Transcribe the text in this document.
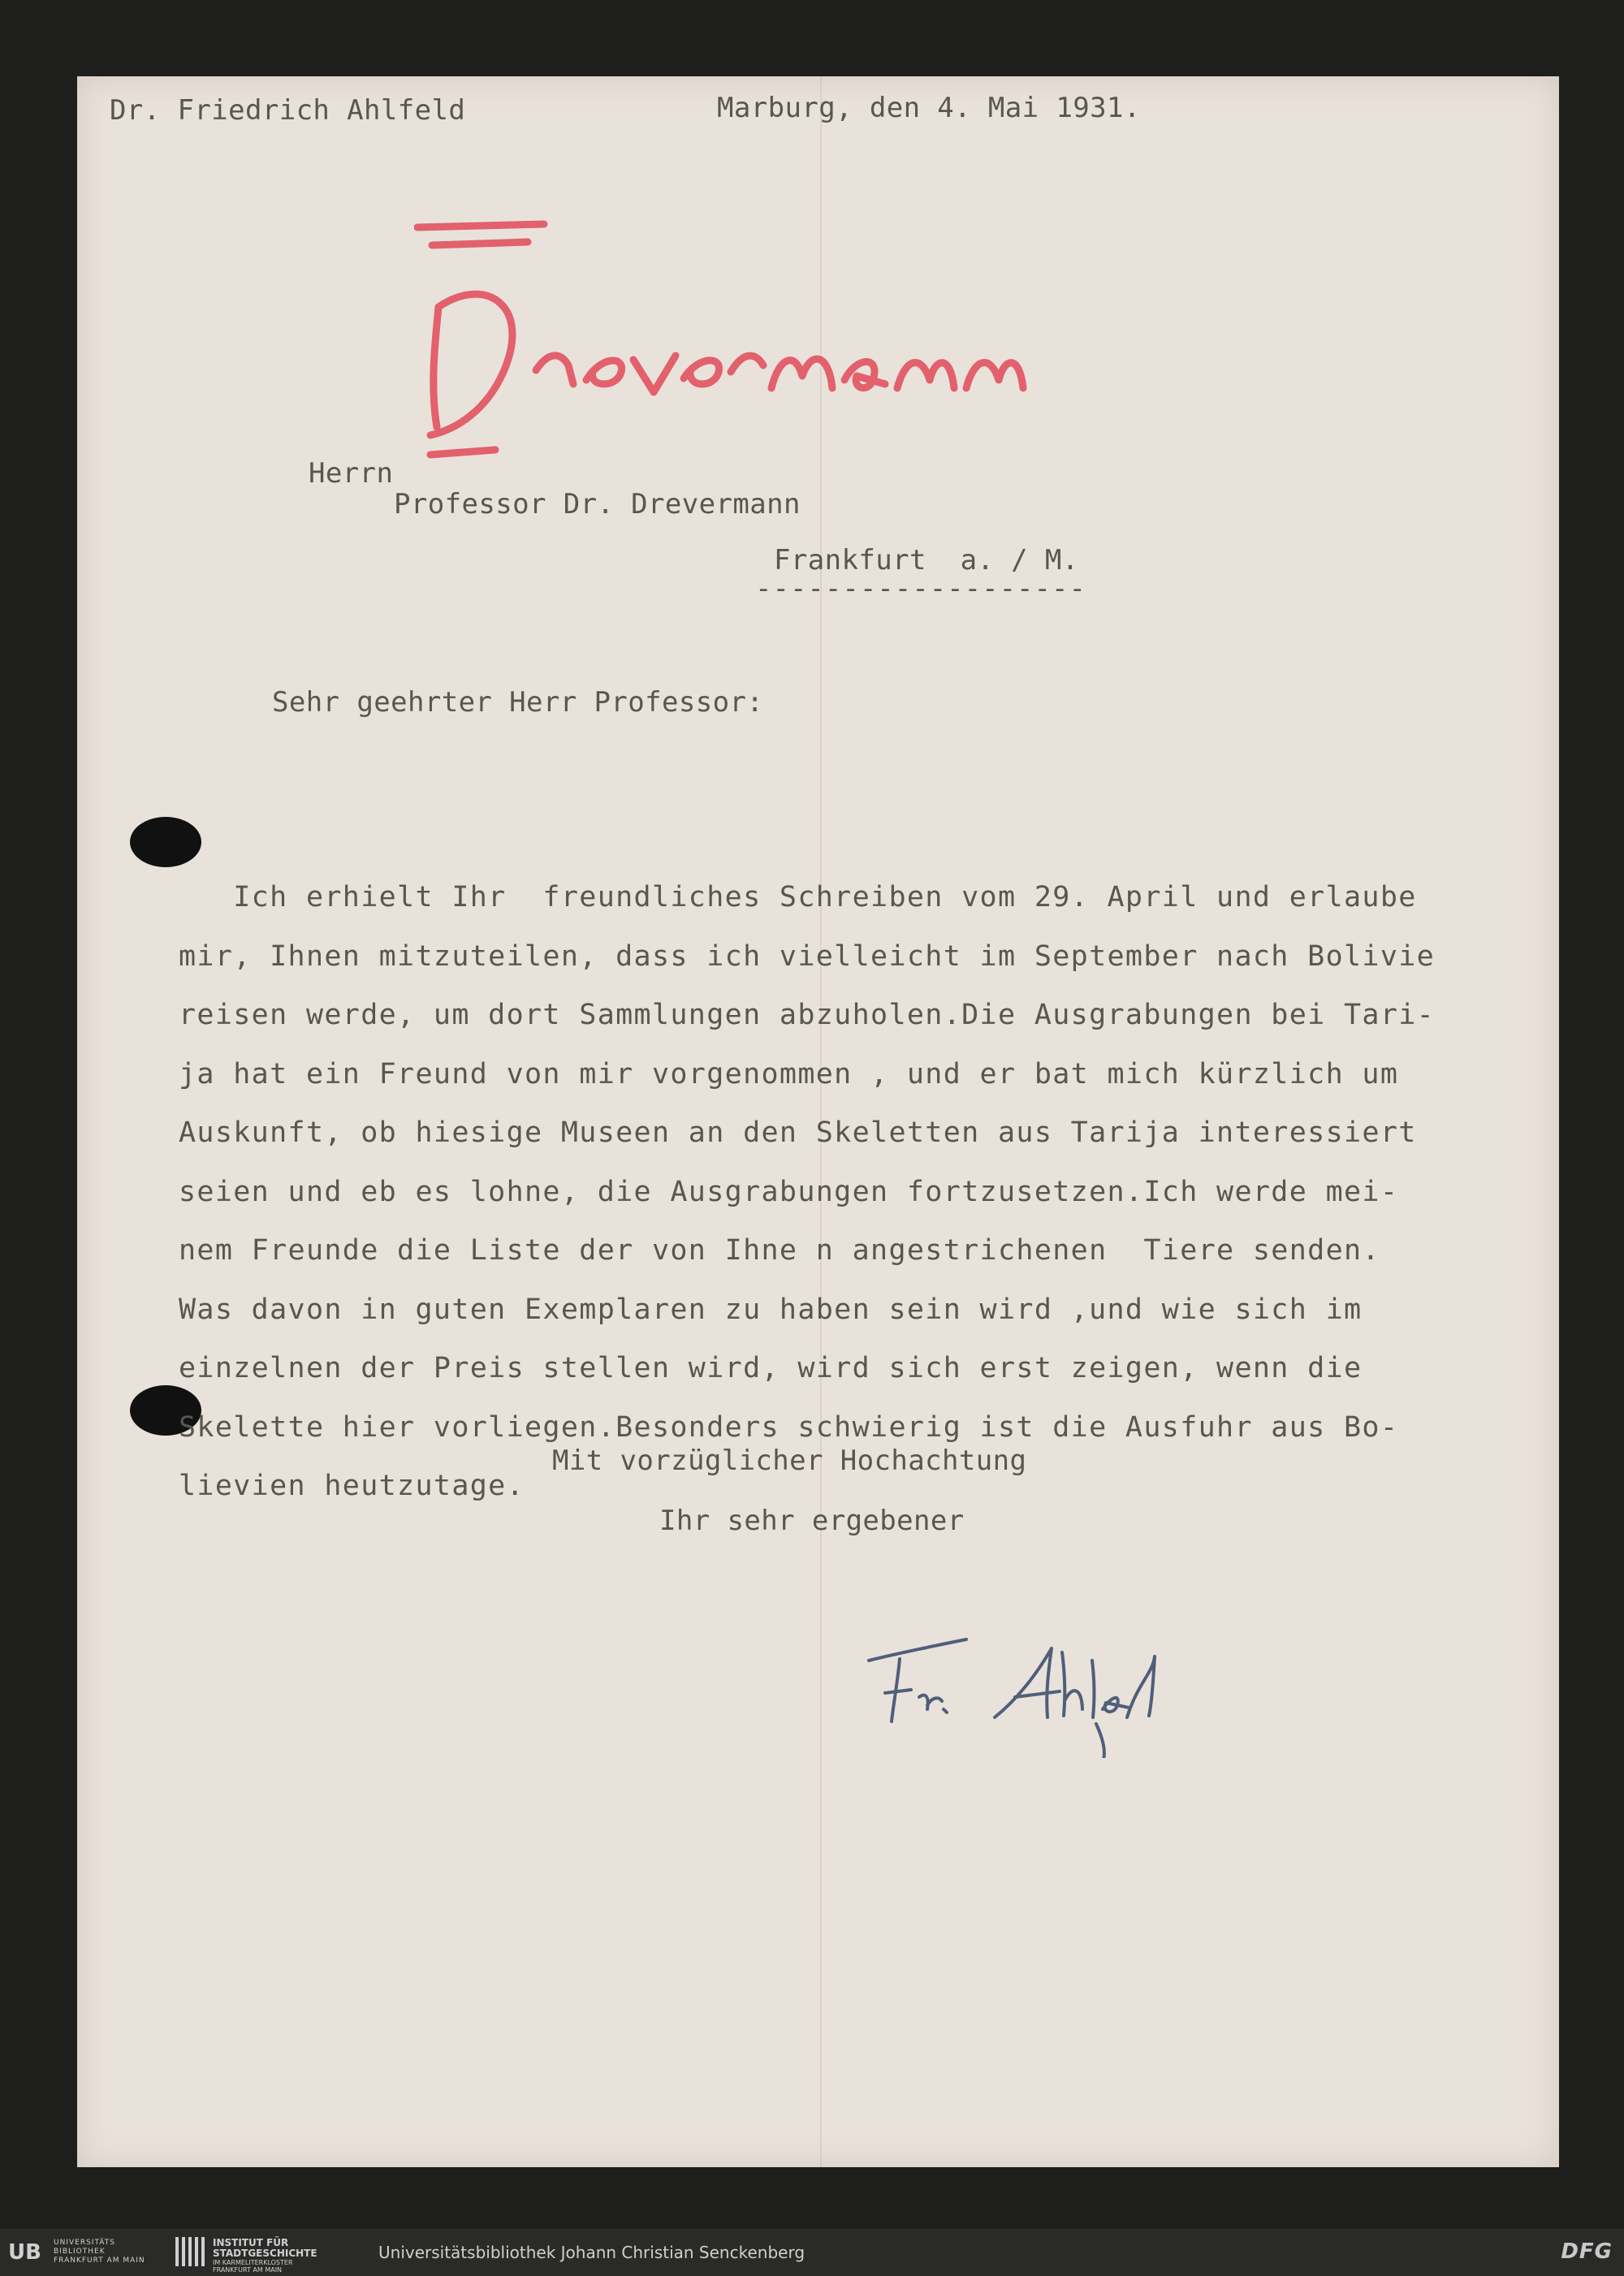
Dr. Friedrich Ahlfeld	Marburg, den 4. Mai 1931.
Herrn
Professor Dr. Drevermann
Frankfurt  a. / M.
-------------------
Sehr geehrter Herr Professor:
Ich erhielt Ihr  freundliches Schreiben vom 29. April und erlaube
mir, Ihnen mitzuteilen, dass ich vielleicht im September nach Bolivie
reisen werde, um dort Sammlungen abzuholen.Die Ausgrabungen bei Tari-
ja hat ein Freund von mir vorgenommen , und er bat mich kürzlich um
Auskunft, ob hiesige Museen an den Skeletten aus Tarija interessiert
seien und eb es lohne, die Ausgrabungen fortzusetzen.Ich werde mei-
nem Freunde die Liste der von Ihne n angestrichenen  Tiere senden.
Was davon in guten Exemplaren zu haben sein wird ,und wie sich im
einzelnen der Preis stellen wird, wird sich erst zeigen, wenn die
Skelette hier vorliegen.Besonders schwierig ist die Ausfuhr aus Bo-
lievien heutzutage.
Mit vorzüglicher Hochachtung
Ihr sehr ergebener
UB UNIVERSITÄTS
BIBLIOTHEK
FRANKFURT AM MAIN
INSTITUT FÜR
STADTGESCHICHTE
IM KARMELITERKLOSTER
FRANKFURT AM MAIN
Universitätsbibliothek Johann Christian Senckenberg	DFG
